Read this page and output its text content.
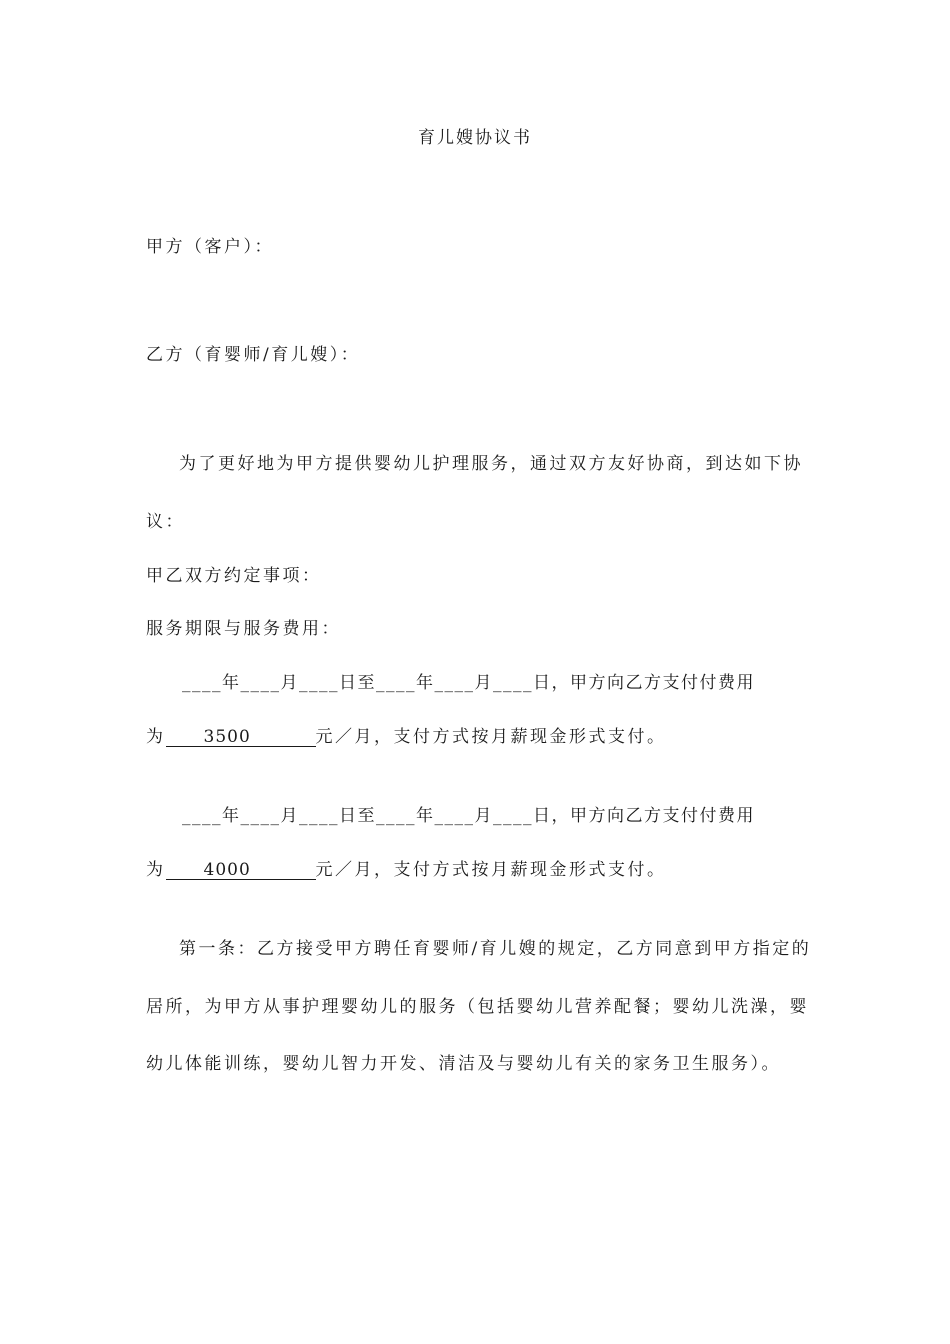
育儿嫂协议书
甲方（客户）：
乙方（育婴师/育儿嫂）：
为了更好地为甲方提供婴幼儿护理服务，通过双方友好协商，到达如下协
议：
甲乙双方约定事项：
服务期限与服务费用：
____年____月____日至____年____月____日，甲方向乙方支付付费用
为 3500	元／月，支付方式按月薪现金形式支付。
____年____月____日至____年____月____日，甲方向乙方支付付费用
为 4000	元／月，支付方式按月薪现金形式支付。
第一条：乙方接受甲方聘任育婴师/育儿嫂的规定，乙方同意到甲方指定的
居所，为甲方从事护理婴幼儿的服务（包括婴幼儿营养配餐；婴幼儿洗澡，婴
幼儿体能训练，婴幼儿智力开发、清洁及与婴幼儿有关的家务卫生服务）。
